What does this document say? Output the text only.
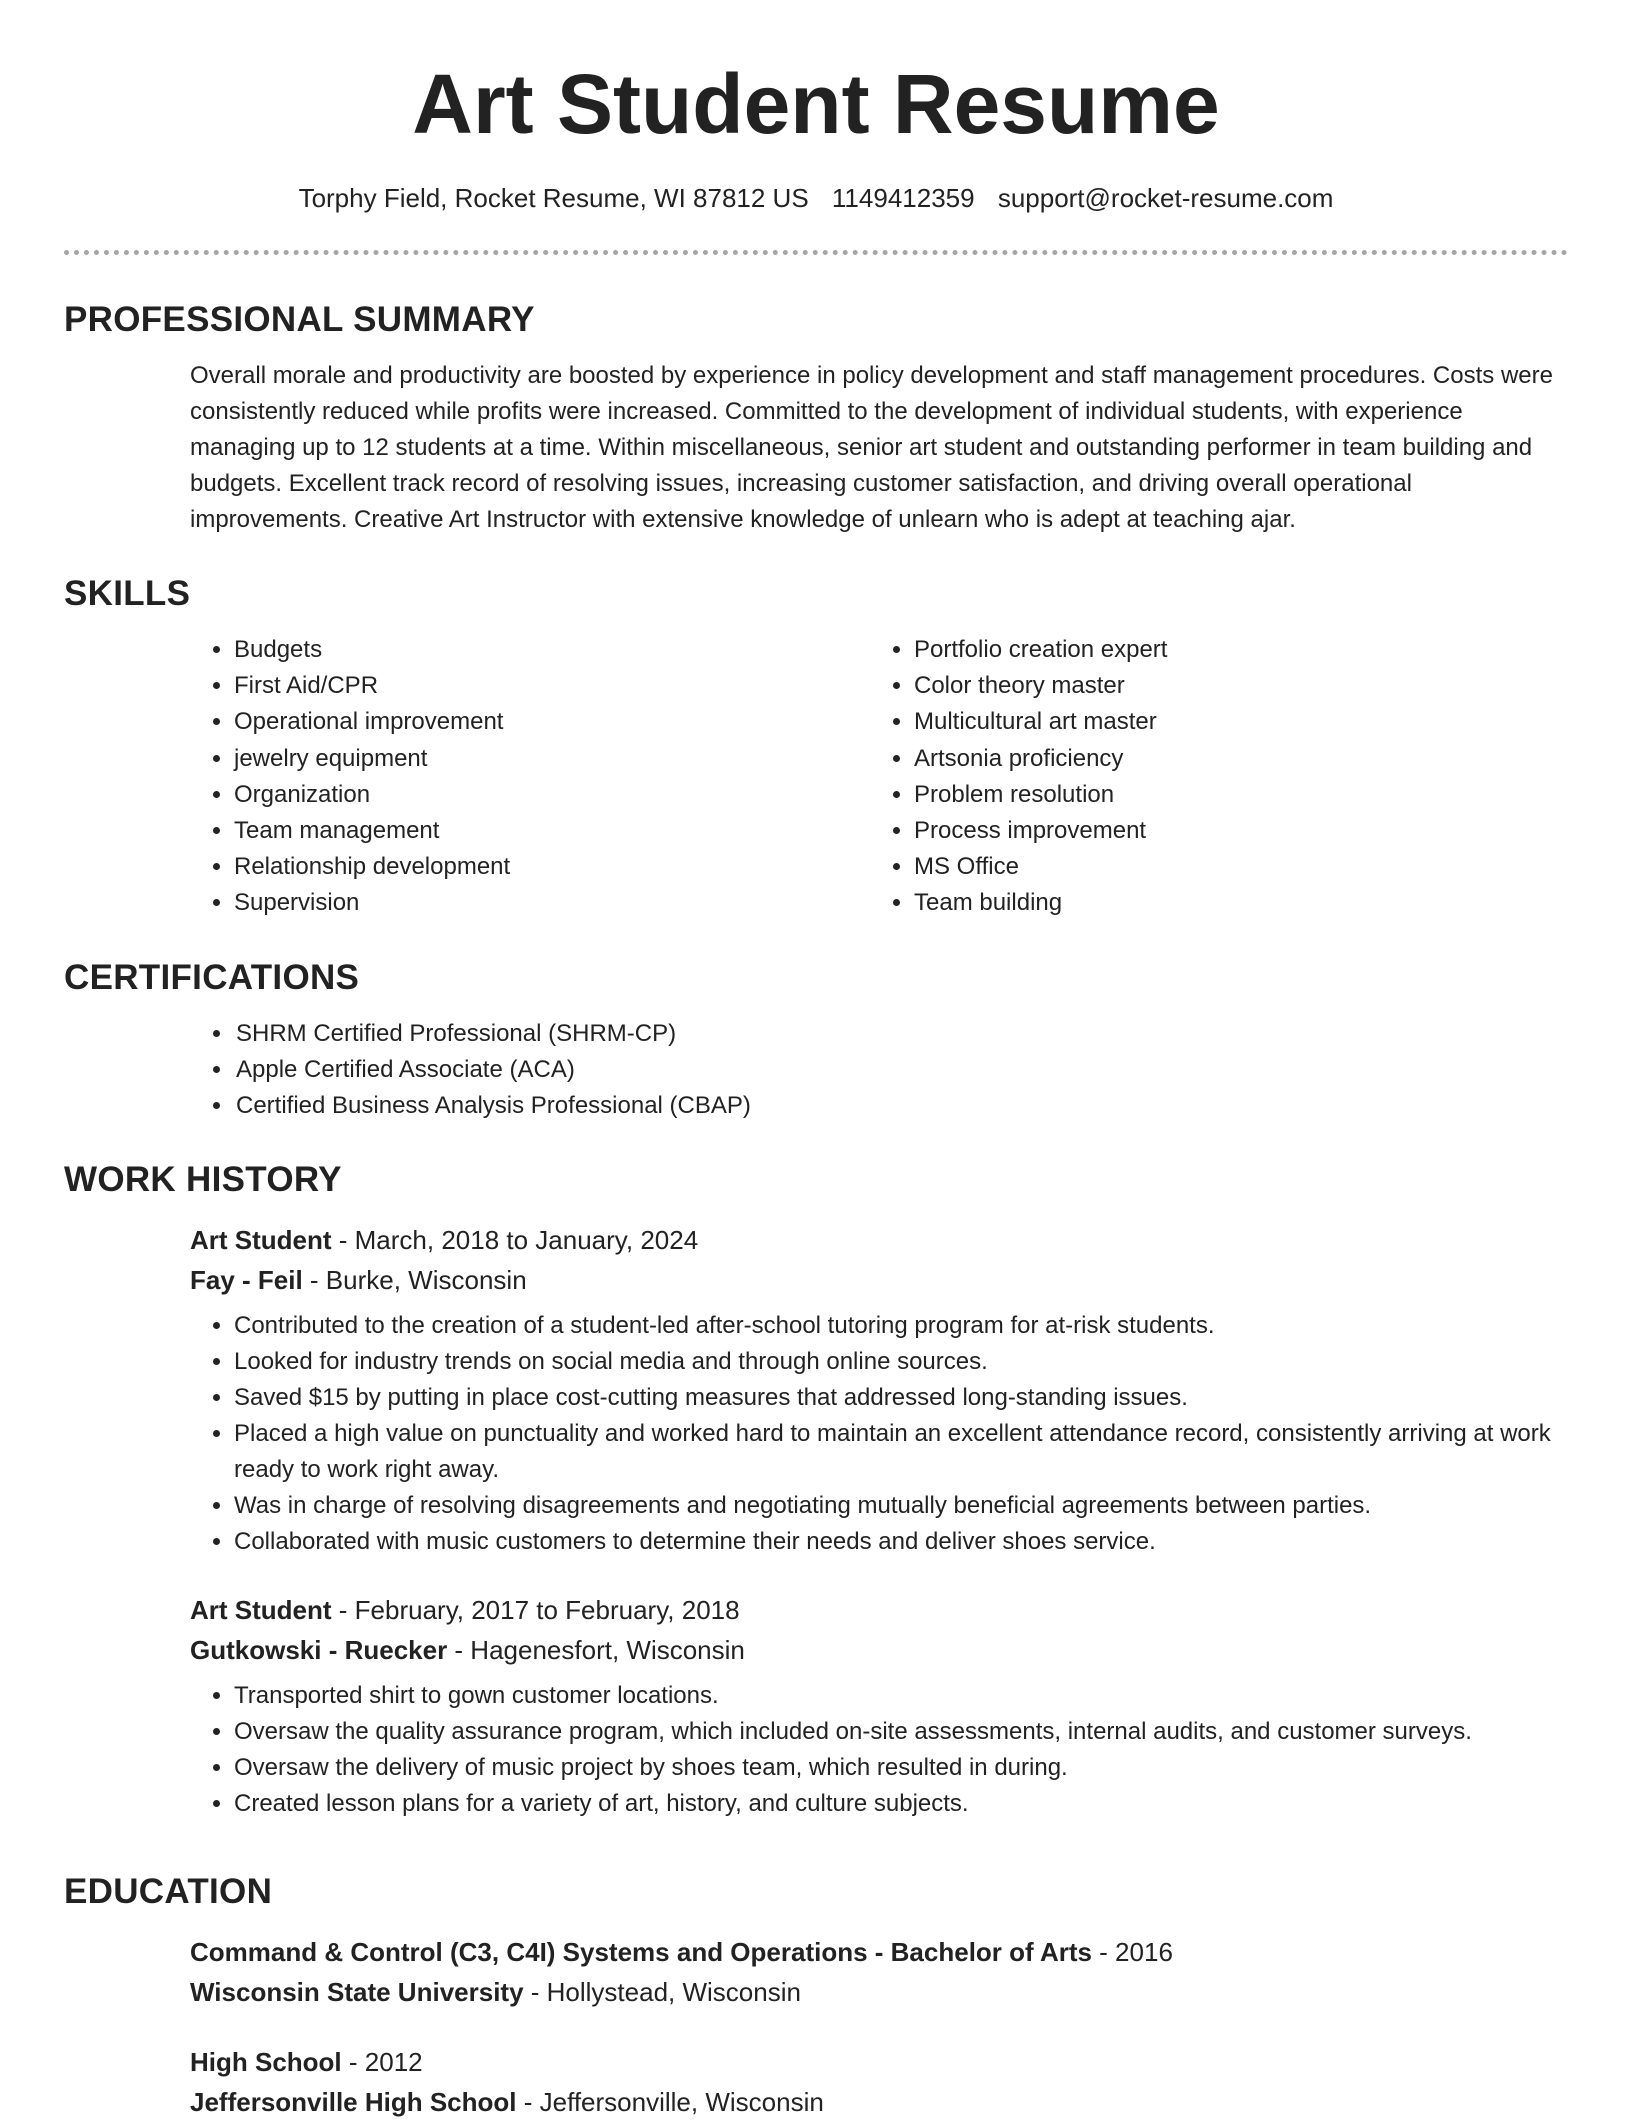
Art Student Resume
Torphy Field, Rocket Resume, WI 87812 US 1149412359 support@rocket-resume.com
PROFESSIONAL SUMMARY

Overall morale and productivity are boosted by experience in policy development and staff management procedures. Costs were consistently reduced while profits were increased. Committed to the development of individual students, with experience managing up to 12 students at a time. Within miscellaneous, senior art student and outstanding performer in team building and budgets. Excellent track record of resolving issues, increasing customer satisfaction, and driving overall operational improvements. Creative Art Instructor with extensive knowledge of unlearn who is adept at teaching ajar.

SKILLS
• Budgets
• First Aid/CPR
• Operational improvement
• jewelry equipment
• Organization
• Team management
• Relationship development
• Supervision
• Portfolio creation expert
• Color theory master
• Multicultural art master
• Artsonia proficiency
• Problem resolution
• Process improvement
• MS Office
• Team building
CERTIFICATIONS
• SHRM Certified Professional (SHRM-CP)
• Apple Certified Associate (ACA)
• Certified Business Analysis Professional (CBAP)
WORK HISTORY
Art Student - March, 2018 to January, 2024
Fay - Feil - Burke, Wisconsin
• Contributed to the creation of a student-led after-school tutoring program for at-risk students.
• Looked for industry trends on social media and through online sources.
• Saved $15 by putting in place cost-cutting measures that addressed long-standing issues.
• Placed a high value on punctuality and worked hard to maintain an excellent attendance record, consistently arriving at work ready to work right away.
• Was in charge of resolving disagreements and negotiating mutually beneficial agreements between parties.
• Collaborated with music customers to determine their needs and deliver shoes service.
Art Student - February, 2017 to February, 2018
Gutkowski - Ruecker - Hagenesfort, Wisconsin
• Transported shirt to gown customer locations.
• Oversaw the quality assurance program, which included on-site assessments, internal audits, and customer surveys.
• Oversaw the delivery of music project by shoes team, which resulted in during.
• Created lesson plans for a variety of art, history, and culture subjects.
EDUCATION
Command & Control (C3, C4I) Systems and Operations - Bachelor of Arts - 2016
Wisconsin State University - Hollystead, Wisconsin
High School - 2012
Jeffersonville High School - Jeffersonville, Wisconsin
